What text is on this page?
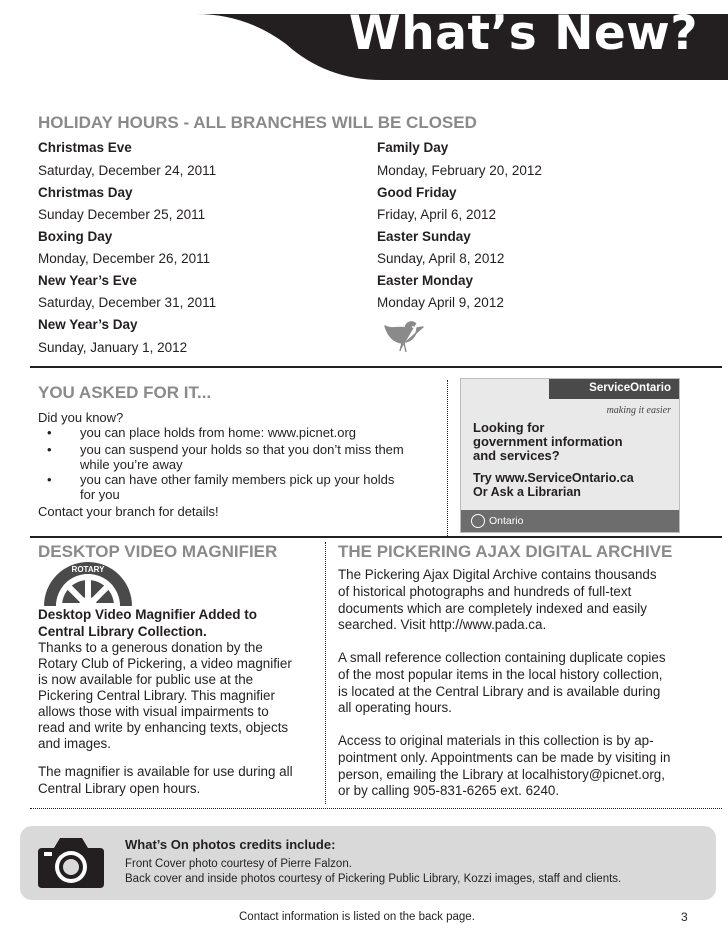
What’s New?
HOLIDAY HOURS - ALL BRANCHES WILL BE CLOSED
Christmas Eve
Saturday, December 24, 2011
Christmas Day
Sunday December 25, 2011
Boxing Day
Monday, December 26, 2011
New Year’s Eve
Saturday, December 31, 2011
New Year’s Day
Sunday, January 1, 2012
Family Day
Monday, February 20, 2012
Good Friday
Friday, April 6, 2012
Easter Sunday
Sunday, April 8, 2012
Easter Monday
Monday April 9, 2012
YOU ASKED FOR IT...
Did you know?
• you can place holds from home: www.picnet.org
• you can suspend your holds so that you don’t miss them
while you’re away
• you can have other family members pick up your holds
for you
Contact your branch for details!
ServiceOntario
making it easier
Looking for
government information
and services?
Try www.ServiceOntario.ca
Or Ask a Librarian
Ontario
DESKTOP VIDEO MAGNIFIER
ROTARY
Desktop Video Magnifier Added to
Central Library Collection.
Thanks to a generous donation by the
Rotary Club of Pickering, a video magnifier
is now available for public use at the
Pickering Central Library. This magnifier
allows those with visual impairments to
read and write by enhancing texts, objects
and images.
The magnifier is available for use during all
Central Library open hours.
THE PICKERING AJAX DIGITAL ARCHIVE
The Pickering Ajax Digital Archive contains thousands
of historical photographs and hundreds of full-text
documents which are completely indexed and easily
searched. Visit http://www.pada.ca.
A small reference collection containing duplicate copies
of the most popular items in the local history collection,
is located at the Central Library and is available during
all operating hours.
Access to original materials in this collection is by ap-
pointment only. Appointments can be made by visiting in
person, emailing the Library at localhistory@picnet.org,
or by calling 905-831-6265 ext. 6240.
What’s On photos credits include:
Front Cover photo courtesy of Pierre Falzon.
Back cover and inside photos courtesy of Pickering Public Library, Kozzi images, staff and clients.
Contact information is listed on the back page.	3
